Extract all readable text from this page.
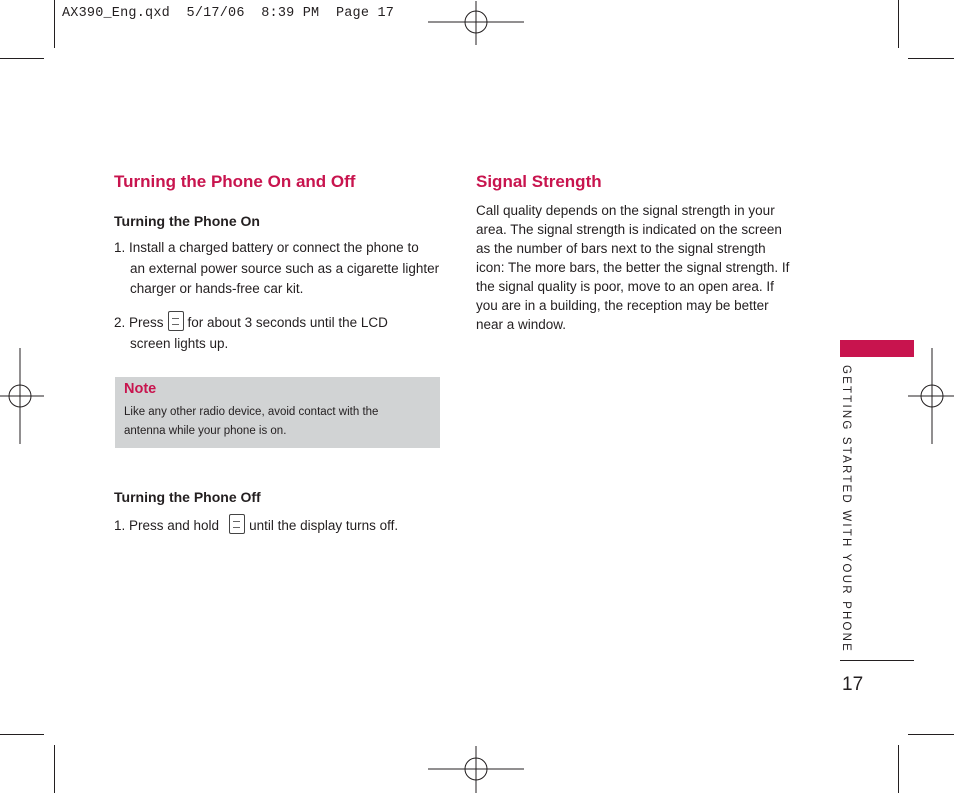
AX390_Eng.qxd  5/17/06  8:39 PM  Page 17
Turning the Phone On and Off
Turning the Phone On
1. Install a charged battery or connect the phone to
an external power source such as a cigarette lighter
charger or hands-free car kit.
2. Press for about 3 seconds until the LCD
screen lights up.
Note
Like any other radio device, avoid contact with the
antenna while your phone is on.
Turning the Phone Off
1. Press and hold until the display turns off.
Signal Strength
Call quality depends on the signal strength in your
area. The signal strength is indicated on the screen
as the number of bars next to the signal strength
icon: The more bars, the better the signal strength. If
the signal quality is poor, move to an open area. If
you are in a building, the reception may be better
near a window.
GETTING STARTED WITH YOUR PHONE
17
